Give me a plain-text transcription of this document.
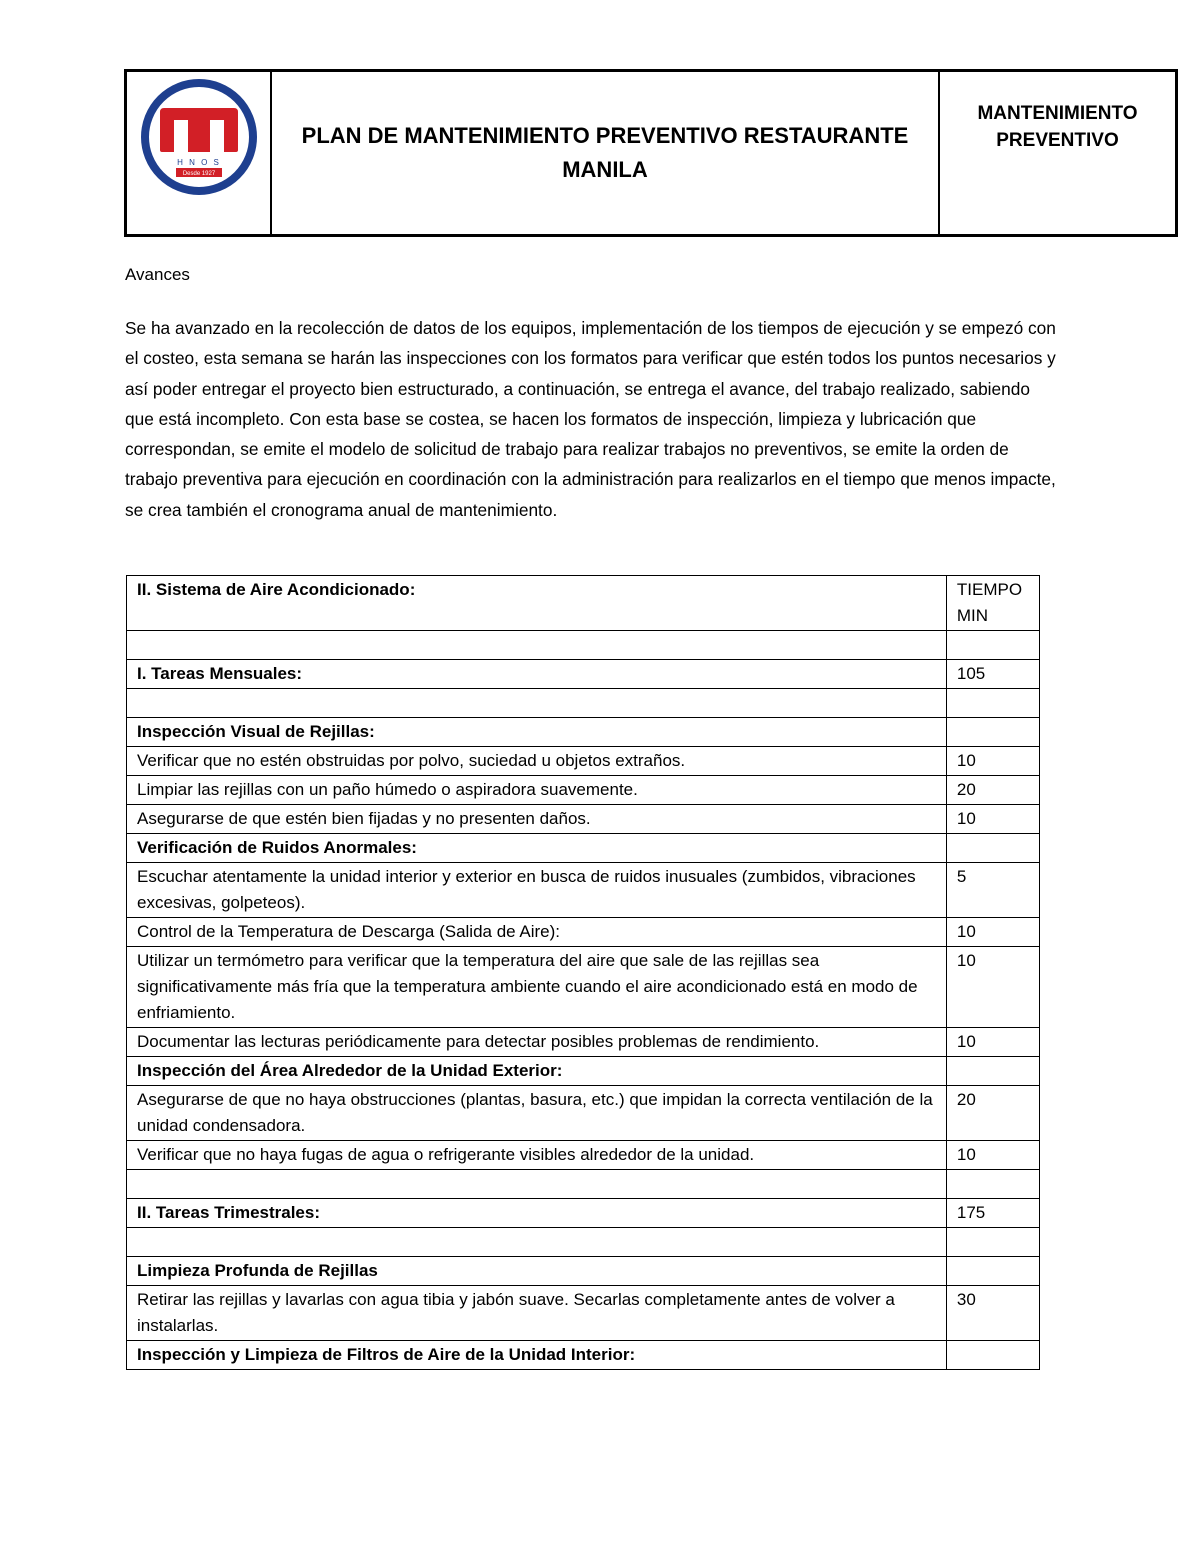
H N O S
Desde 1927
PLAN DE MANTENIMIENTO PREVENTIVO RESTAURANTE
MANILA
MANTENIMIENTO
PREVENTIVO
Avances
Se ha avanzado en la recolección de datos de los equipos, implementación de los tiempos de ejecución y se empezó con el costeo, esta semana se harán las inspecciones con los formatos para verificar que estén todos los puntos necesarios y así poder entregar el proyecto bien estructurado, a continuación, se entrega el avance, del trabajo realizado, sabiendo que está incompleto. Con esta base se costea, se hacen los formatos de inspección, limpieza y lubricación que correspondan, se emite el modelo de solicitud de trabajo para realizar trabajos no preventivos, se emite la orden de trabajo preventiva para ejecución en coordinación con la administración para realizarlos en el tiempo que menos impacte, se crea también el cronograma anual de mantenimiento.
II. Sistema de Aire Acondicionado:	TIEMPO MIN

I. Tareas Mensuales:	105

Inspección Visual de Rejillas:	
Verificar que no estén obstruidas por polvo, suciedad u objetos extraños.	10
Limpiar las rejillas con un paño húmedo o aspiradora suavemente.	20
Asegurarse de que estén bien fijadas y no presenten daños.	10
Verificación de Ruidos Anormales:	
Escuchar atentamente la unidad interior y exterior en busca de ruidos inusuales (zumbidos, vibraciones excesivas, golpeteos).	5
Control de la Temperatura de Descarga (Salida de Aire):	10
Utilizar un termómetro para verificar que la temperatura del aire que sale de las rejillas sea significativamente más fría que la temperatura ambiente cuando el aire acondicionado está en modo de enfriamiento.	10
Documentar las lecturas periódicamente para detectar posibles problemas de rendimiento.	10
Inspección del Área Alrededor de la Unidad Exterior:	
Asegurarse de que no haya obstrucciones (plantas, basura, etc.) que impidan la correcta ventilación de la unidad condensadora.	20
Verificar que no haya fugas de agua o refrigerante visibles alrededor de la unidad.	10

II. Tareas Trimestrales:	175

Limpieza Profunda de Rejillas	
Retirar las rejillas y lavarlas con agua tibia y jabón suave. Secarlas completamente antes de volver a instalarlas.	30
Inspección y Limpieza de Filtros de Aire de la Unidad Interior:	
